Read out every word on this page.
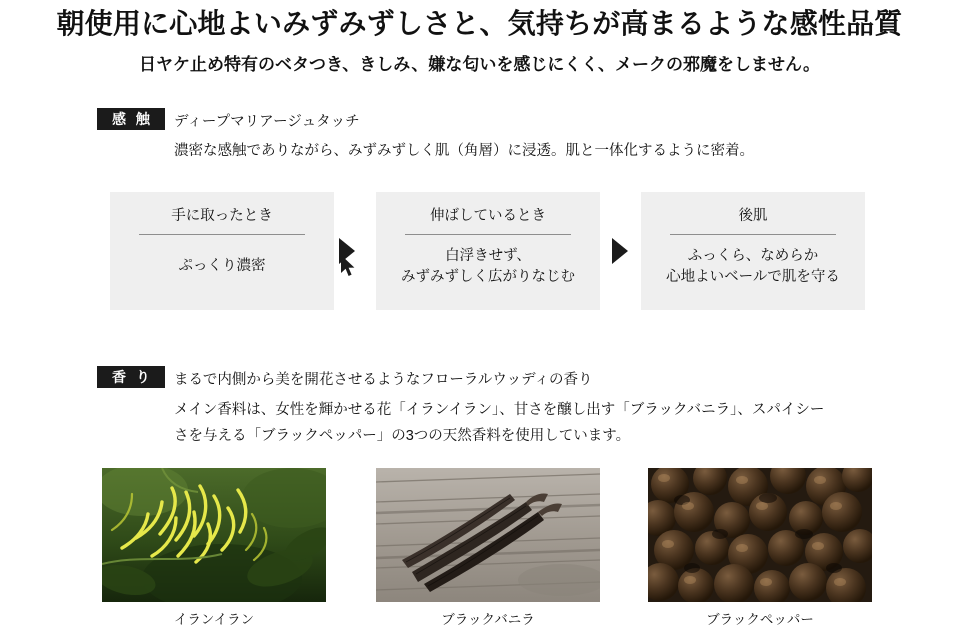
朝使用に心地よいみずみずしさと、気持ちが高まるような感性品質
日ヤケ止め特有のベタつき、きしみ、嫌な匂いを感じにくく、メークの邪魔をしません。
感 触	ディープマリアージュタッチ
濃密な感触でありながら、みずみずしく肌（角層）に浸透。肌と一体化するように密着。
手に取ったとき
ぷっくり濃密
伸ばしているとき
白浮きせず、
みずみずしく広がりなじむ
後肌
ふっくら、なめらか
心地よいベールで肌を守る
香 り	まるで内側から美を開花させるようなフローラルウッディの香り
メイン香料は、女性を輝かせる花「イランイラン」、甘さを醸し出す「ブラックバニラ」、スパイシー
さを与える「ブラックペッパー」の3つの天然香料を使用しています。
イランイラン	ブラックバニラ	ブラックペッパー
